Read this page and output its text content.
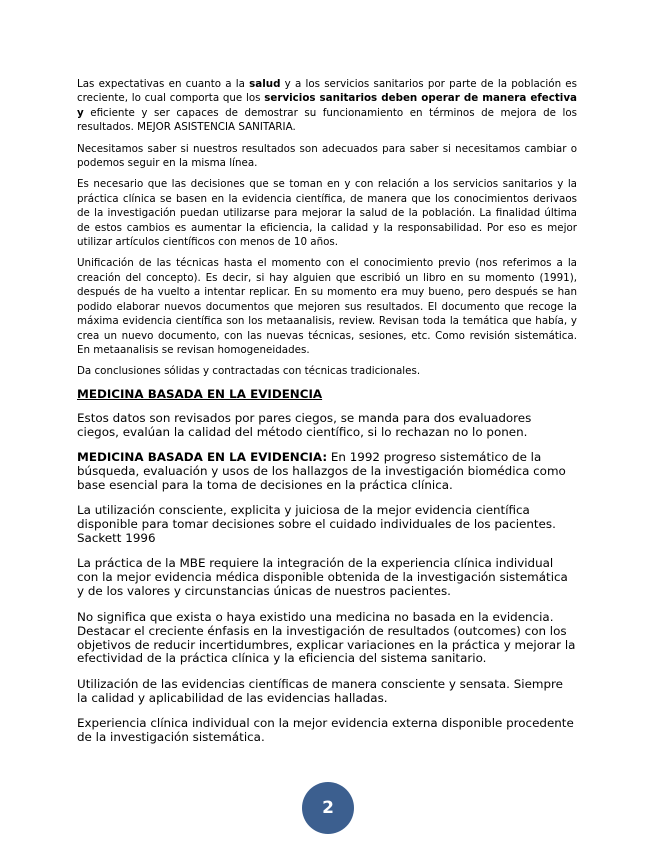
Las expectativas en cuanto a la salud y a los servicios sanitarios por parte de la población es creciente, lo cual comporta que los servicios sanitarios deben operar de manera efectiva y eficiente y ser capaces de demostrar su funcionamiento en términos de mejora de los resultados. MEJOR ASISTENCIA SANITARIA.

Necesitamos saber si nuestros resultados son adecuados para saber si necesitamos cambiar o podemos seguir en la misma línea.

Es necesario que las decisiones que se toman en y con relación a los servicios sanitarios y la práctica clínica se basen en la evidencia científica, de manera que los conocimientos derivaos de la investigación puedan utilizarse para mejorar la salud de la población. La finalidad última de estos cambios es aumentar la eficiencia, la calidad y la responsabilidad. Por eso es mejor utilizar artículos científicos con menos de 10 años.

Unificación de las técnicas hasta el momento con el conocimiento previo (nos referimos a la creación del concepto). Es decir, si hay alguien que escribió un libro en su momento (1991), después de ha vuelto a intentar replicar. En su momento era muy bueno, pero después se han podido elaborar nuevos documentos que mejoren sus resultados. El documento que recoge la máxima evidencia científica son los metaanalisis, review. Revisan toda la temática que había, y crea un nuevo documento, con las nuevas técnicas, sesiones, etc. Como revisión sistemática. En metaanalisis se revisan homogeneidades.

Da conclusiones sólidas y contractadas con técnicas tradicionales.

MEDICINA BASADA EN LA EVIDENCIA

Estos datos son revisados por pares ciegos, se manda para dos evaluadores ciegos, evalúan la calidad del método científico, si lo rechazan no lo ponen.

MEDICINA BASADA EN LA EVIDENCIA: En 1992 progreso sistemático de la búsqueda, evaluación y usos de los hallazgos de la investigación biomédica como base esencial para la toma de decisiones en la práctica clínica.

La utilización consciente, explicita y juiciosa de la mejor evidencia científica disponible para tomar decisiones sobre el cuidado individuales de los pacientes. Sackett 1996

La práctica de la MBE requiere la integración de la experiencia clínica individual con la mejor evidencia médica disponible obtenida de la investigación sistemática y de los valores y circunstancias únicas de nuestros pacientes.

No significa que exista o haya existido una medicina no basada en la evidencia. Destacar el creciente énfasis en la investigación de resultados (outcomes) con los objetivos de reducir incertidumbres, explicar variaciones en la práctica y mejorar la efectividad de la práctica clínica y la eficiencia del sistema sanitario.

Utilización de las evidencias científicas de manera consciente y sensata. Siempre la calidad y aplicabilidad de las evidencias halladas.

Experiencia clínica individual con la mejor evidencia externa disponible procedente de la investigación sistemática.

2
